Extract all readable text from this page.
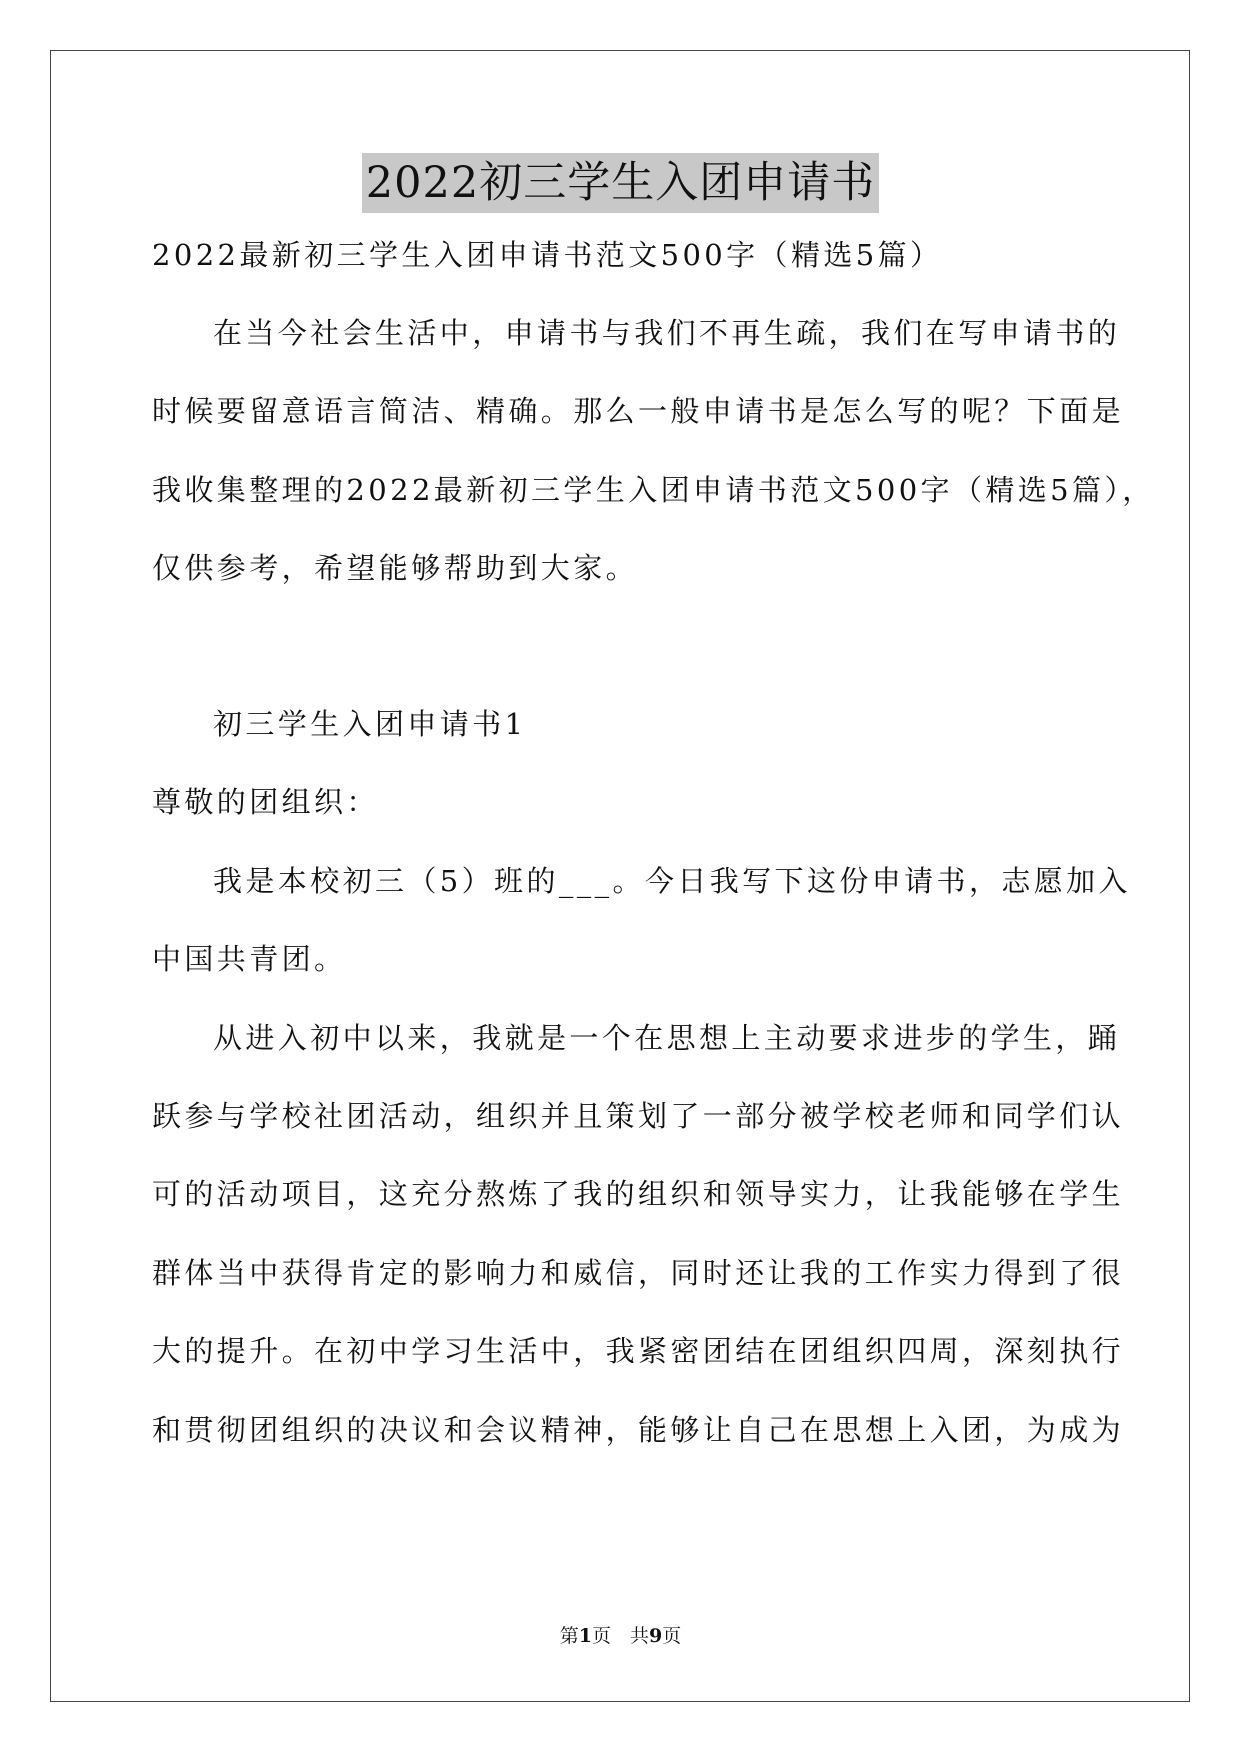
2022初三学生入团申请书
2022最新初三学生入团申请书范文500字（精选5篇）
在当今社会生活中，申请书与我们不再生疏，我们在写申请书的
时候要留意语言简洁、精确。那么一般申请书是怎么写的呢？下面是
我收集整理的2022最新初三学生入团申请书范文500字（精选5篇），
仅供参考，希望能够帮助到大家。
初三学生入团申请书1
尊敬的团组织：
我是本校初三（5）班的___。今日我写下这份申请书，志愿加入
中国共青团。
从进入初中以来，我就是一个在思想上主动要求进步的学生，踊
跃参与学校社团活动，组织并且策划了一部分被学校老师和同学们认
可的活动项目，这充分熬炼了我的组织和领导实力，让我能够在学生
群体当中获得肯定的影响力和威信，同时还让我的工作实力得到了很
大的提升。在初中学习生活中，我紧密团结在团组织四周，深刻执行
和贯彻团组织的决议和会议精神，能够让自己在思想上入团，为成为
第1页　共9页
